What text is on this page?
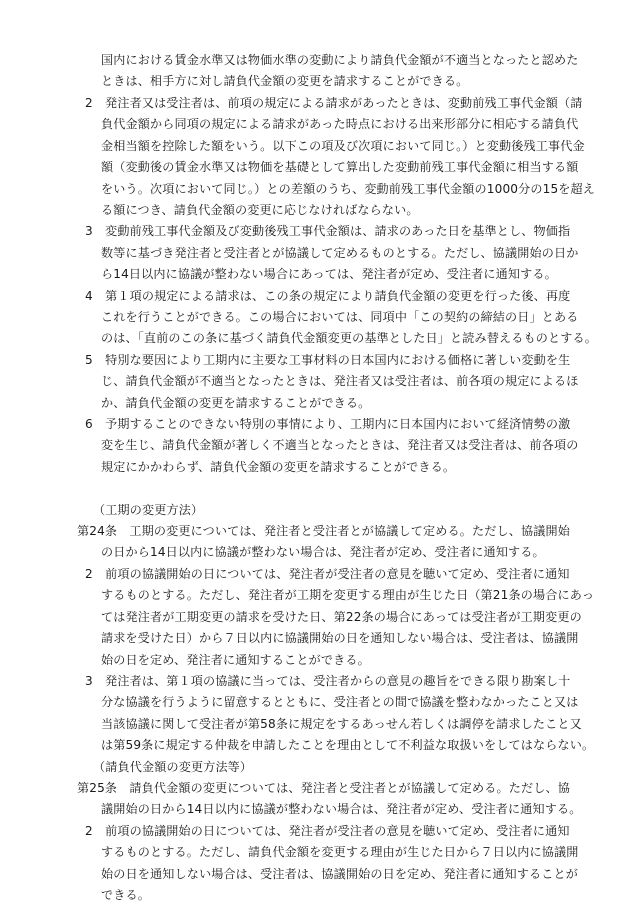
国内における賃金水準又は物価水準の変動により請負代金額が不適当となったと認めた
ときは、相手方に対し請負代金額の変更を請求することができる。
2　発注者又は受注者は、前項の規定による請求があったときは、変動前残工事代金額（請
負代金額から同項の規定による請求があった時点における出来形部分に相応する請負代
金相当額を控除した額をいう。以下この項及び次項において同じ。）と変動後残工事代金
額（変動後の賃金水準又は物価を基礎として算出した変動前残工事代金額に相当する額
をいう。次項において同じ。）との差額のうち、変動前残工事代金額の1000分の15を超え
る額につき、請負代金額の変更に応じなければならない。
3　変動前残工事代金額及び変動後残工事代金額は、請求のあった日を基準とし、物価指
数等に基づき発注者と受注者とが協議して定めるものとする。ただし、協議開始の日か
ら14日以内に協議が整わない場合にあっては、発注者が定め、受注者に通知する。
4　第１項の規定による請求は、この条の規定により請負代金額の変更を行った後、再度
これを行うことができる。この場合においては、同項中「この契約の締結の日」とある
のは、「直前のこの条に基づく請負代金額変更の基準とした日」と読み替えるものとする。
5　特別な要因により工期内に主要な工事材料の日本国内における価格に著しい変動を生
じ、請負代金額が不適当となったときは、発注者又は受注者は、前各項の規定によるほ
か、請負代金額の変更を請求することができる。
6　予期することのできない特別の事情により、工期内に日本国内において経済情勢の激
変を生じ、請負代金額が著しく不適当となったときは、発注者又は受注者は、前各項の
規定にかかわらず、請負代金額の変更を請求することができる。
（工期の変更方法）
第24条　工期の変更については、発注者と受注者とが協議して定める。ただし、協議開始
の日から14日以内に協議が整わない場合は、発注者が定め、受注者に通知する。
2　前項の協議開始の日については、発注者が受注者の意見を聴いて定め、受注者に通知
するものとする。ただし、発注者が工期を変更する理由が生じた日（第21条の場合にあっ
ては発注者が工期変更の請求を受けた日、第22条の場合にあっては受注者が工期変更の
請求を受けた日）から７日以内に協議開始の日を通知しない場合は、受注者は、協議開
始の日を定め、発注者に通知することができる。
3　発注者は、第１項の協議に当っては、受注者からの意見の趣旨をできる限り勘案し十
分な協議を行うように留意するとともに、受注者との間で協議を整わなかったこと又は
当該協議に関して受注者が第58条に規定をするあっせん若しくは調停を請求したこと又
は第59条に規定する仲裁を申請したことを理由として不利益な取扱いをしてはならない。
（請負代金額の変更方法等）
第25条　請負代金額の変更については、発注者と受注者とが協議して定める。ただし、協
議開始の日から14日以内に協議が整わない場合は、発注者が定め、受注者に通知する。
2　前項の協議開始の日については、発注者が受注者の意見を聴いて定め、受注者に通知
するものとする。ただし、請負代金額を変更する理由が生じた日から７日以内に協議開
始の日を通知しない場合は、受注者は、協議開始の日を定め、発注者に通知することが
できる。
